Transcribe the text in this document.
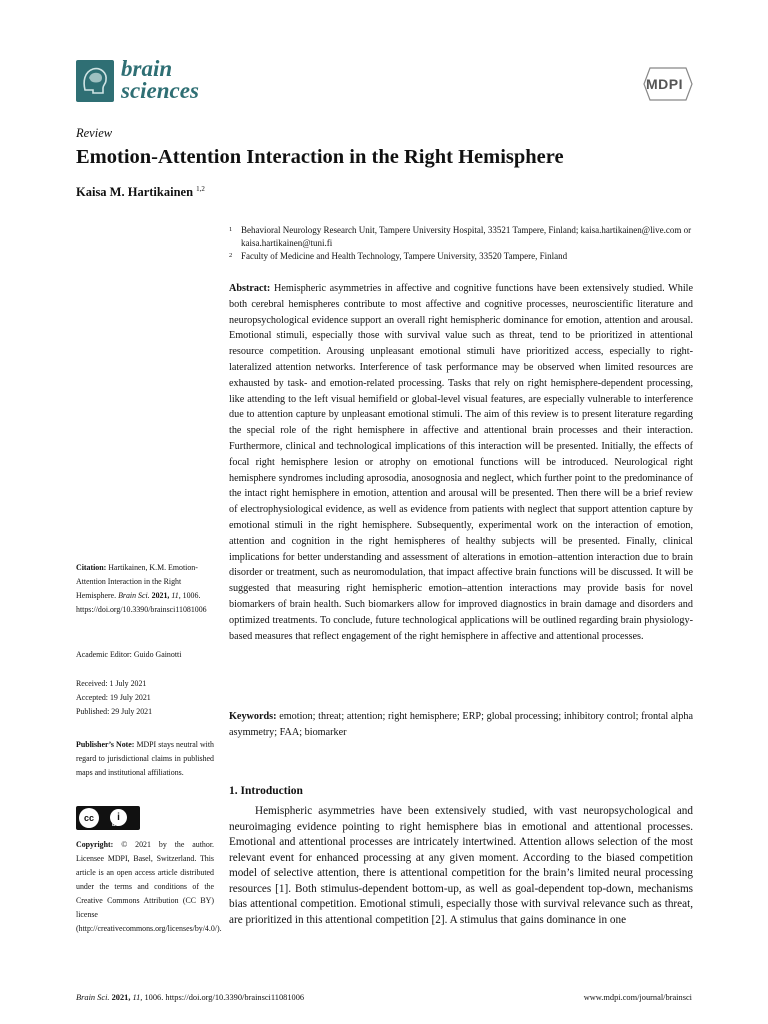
brain
sciences	MDPI
Review
Emotion-Attention Interaction in the Right Hemisphere
Kaisa M. Hartikainen $^{1,2}$
1 Behavioral Neurology Research Unit, Tampere University Hospital, 33521 Tampere, Finland; kaisa.hartikainen@live.com or kaisa.hartikainen@tuni.fi
2 Faculty of Medicine and Health Technology, Tampere University, 33520 Tampere, Finland

Abstract: Hemispheric asymmetries in affective and cognitive functions have been extensively studied. While both cerebral hemispheres contribute to most affective and cognitive processes, neuroscientific literature and neuropsychological evidence support an overall right hemispheric dominance for emotion, attention and arousal. Emotional stimuli, especially those with survival value such as threat, tend to be prioritized in attentional resource competition. Arousing unpleasant emotional stimuli have prioritized access, especially to right-lateralized attention networks. Interference of task performance may be observed when limited resources are exhausted by task- and emotion-related processing. Tasks that rely on right hemisphere-dependent processing, like attending to the left visual hemifield or global-level visual features, are especially vulnerable to interference due to attention capture by unpleasant emotional stimuli. The aim of this review is to present literature regarding the special role of the right hemisphere in affective and attentional brain processes and their interaction. Furthermore, clinical and technological implications of this interaction will be presented. Initially, the effects of focal right hemisphere lesion or atrophy on emotional functions will be introduced. Neurological right hemisphere syndromes including aprosodia, anosognosia and neglect, which further point to the predominance of the intact right hemisphere in emotion, attention and arousal will be presented. Then there will be a brief review of electrophysiological evidence, as well as evidence from patients with neglect that support attention capture by emotional stimuli in the right hemisphere. Subsequently, experimental work on the interaction of emotion, attention and cognition in the right hemispheres of healthy subjects will be presented. Finally, clinical implications for better understanding and assessment of alterations in emotion–attention interaction due to brain disorder or treatment, such as neuromodulation, that impact affective brain functions will be discussed. It will be suggested that measuring right hemispheric emotion–attention interactions may provide basis for novel biomarkers of brain health. Such biomarkers allow for improved diagnostics in brain damage and disorders and optimized treatments. To conclude, future technological applications will be outlined regarding brain physiology-based measures that reflect engagement of the right hemisphere in affective and attentional processes.

Keywords: emotion; threat; attention; right hemisphere; ERP; global processing; inhibitory control; frontal alpha asymmetry; FAA; biomarker

1. Introduction

Hemispheric asymmetries have been extensively studied, with vast neuropsychological and neuroimaging evidence pointing to right hemisphere bias in emotional and attentional processes. Emotional and attentional processes are intricately intertwined. Attention allows selection of the most relevant event for enhanced processing at any given moment. According to the biased competition model of selective attention, there is attentional competition for the brain’s limited neural processing resources [1]. Both stimulus-dependent bottom-up, as well as goal-dependent top-down, mechanisms bias attentional competition. Emotional stimuli, especially those with survival relevance such as threat, are prioritized in this attentional competition [2]. A stimulus that gains dominance in one

Citation: Hartikainen, K.M. Emotion-Attention Interaction in the Right Hemisphere. Brain Sci. 2021, 11, 1006. https://doi.org/10.3390/brainsci11081006

Academic Editor: Guido Gainotti

Received: 1 July 2021

Accepted: 19 July 2021

Published: 29 July 2021

Publisher’s Note: MDPI stays neutral with regard to jurisdictional claims in published maps and institutional affiliations.

cc	i
BY

Copyright: © 2021 by the author. Licensee MDPI, Basel, Switzerland. This article is an open access article distributed under the terms and conditions of the Creative Commons Attribution (CC BY) license (http://creativecommons.org/licenses/by/4.0/).

Brain Sci. 2021, 11, 1006. https://doi.org/10.3390/brainsci11081006	www.mdpi.com/journal/brainsci
